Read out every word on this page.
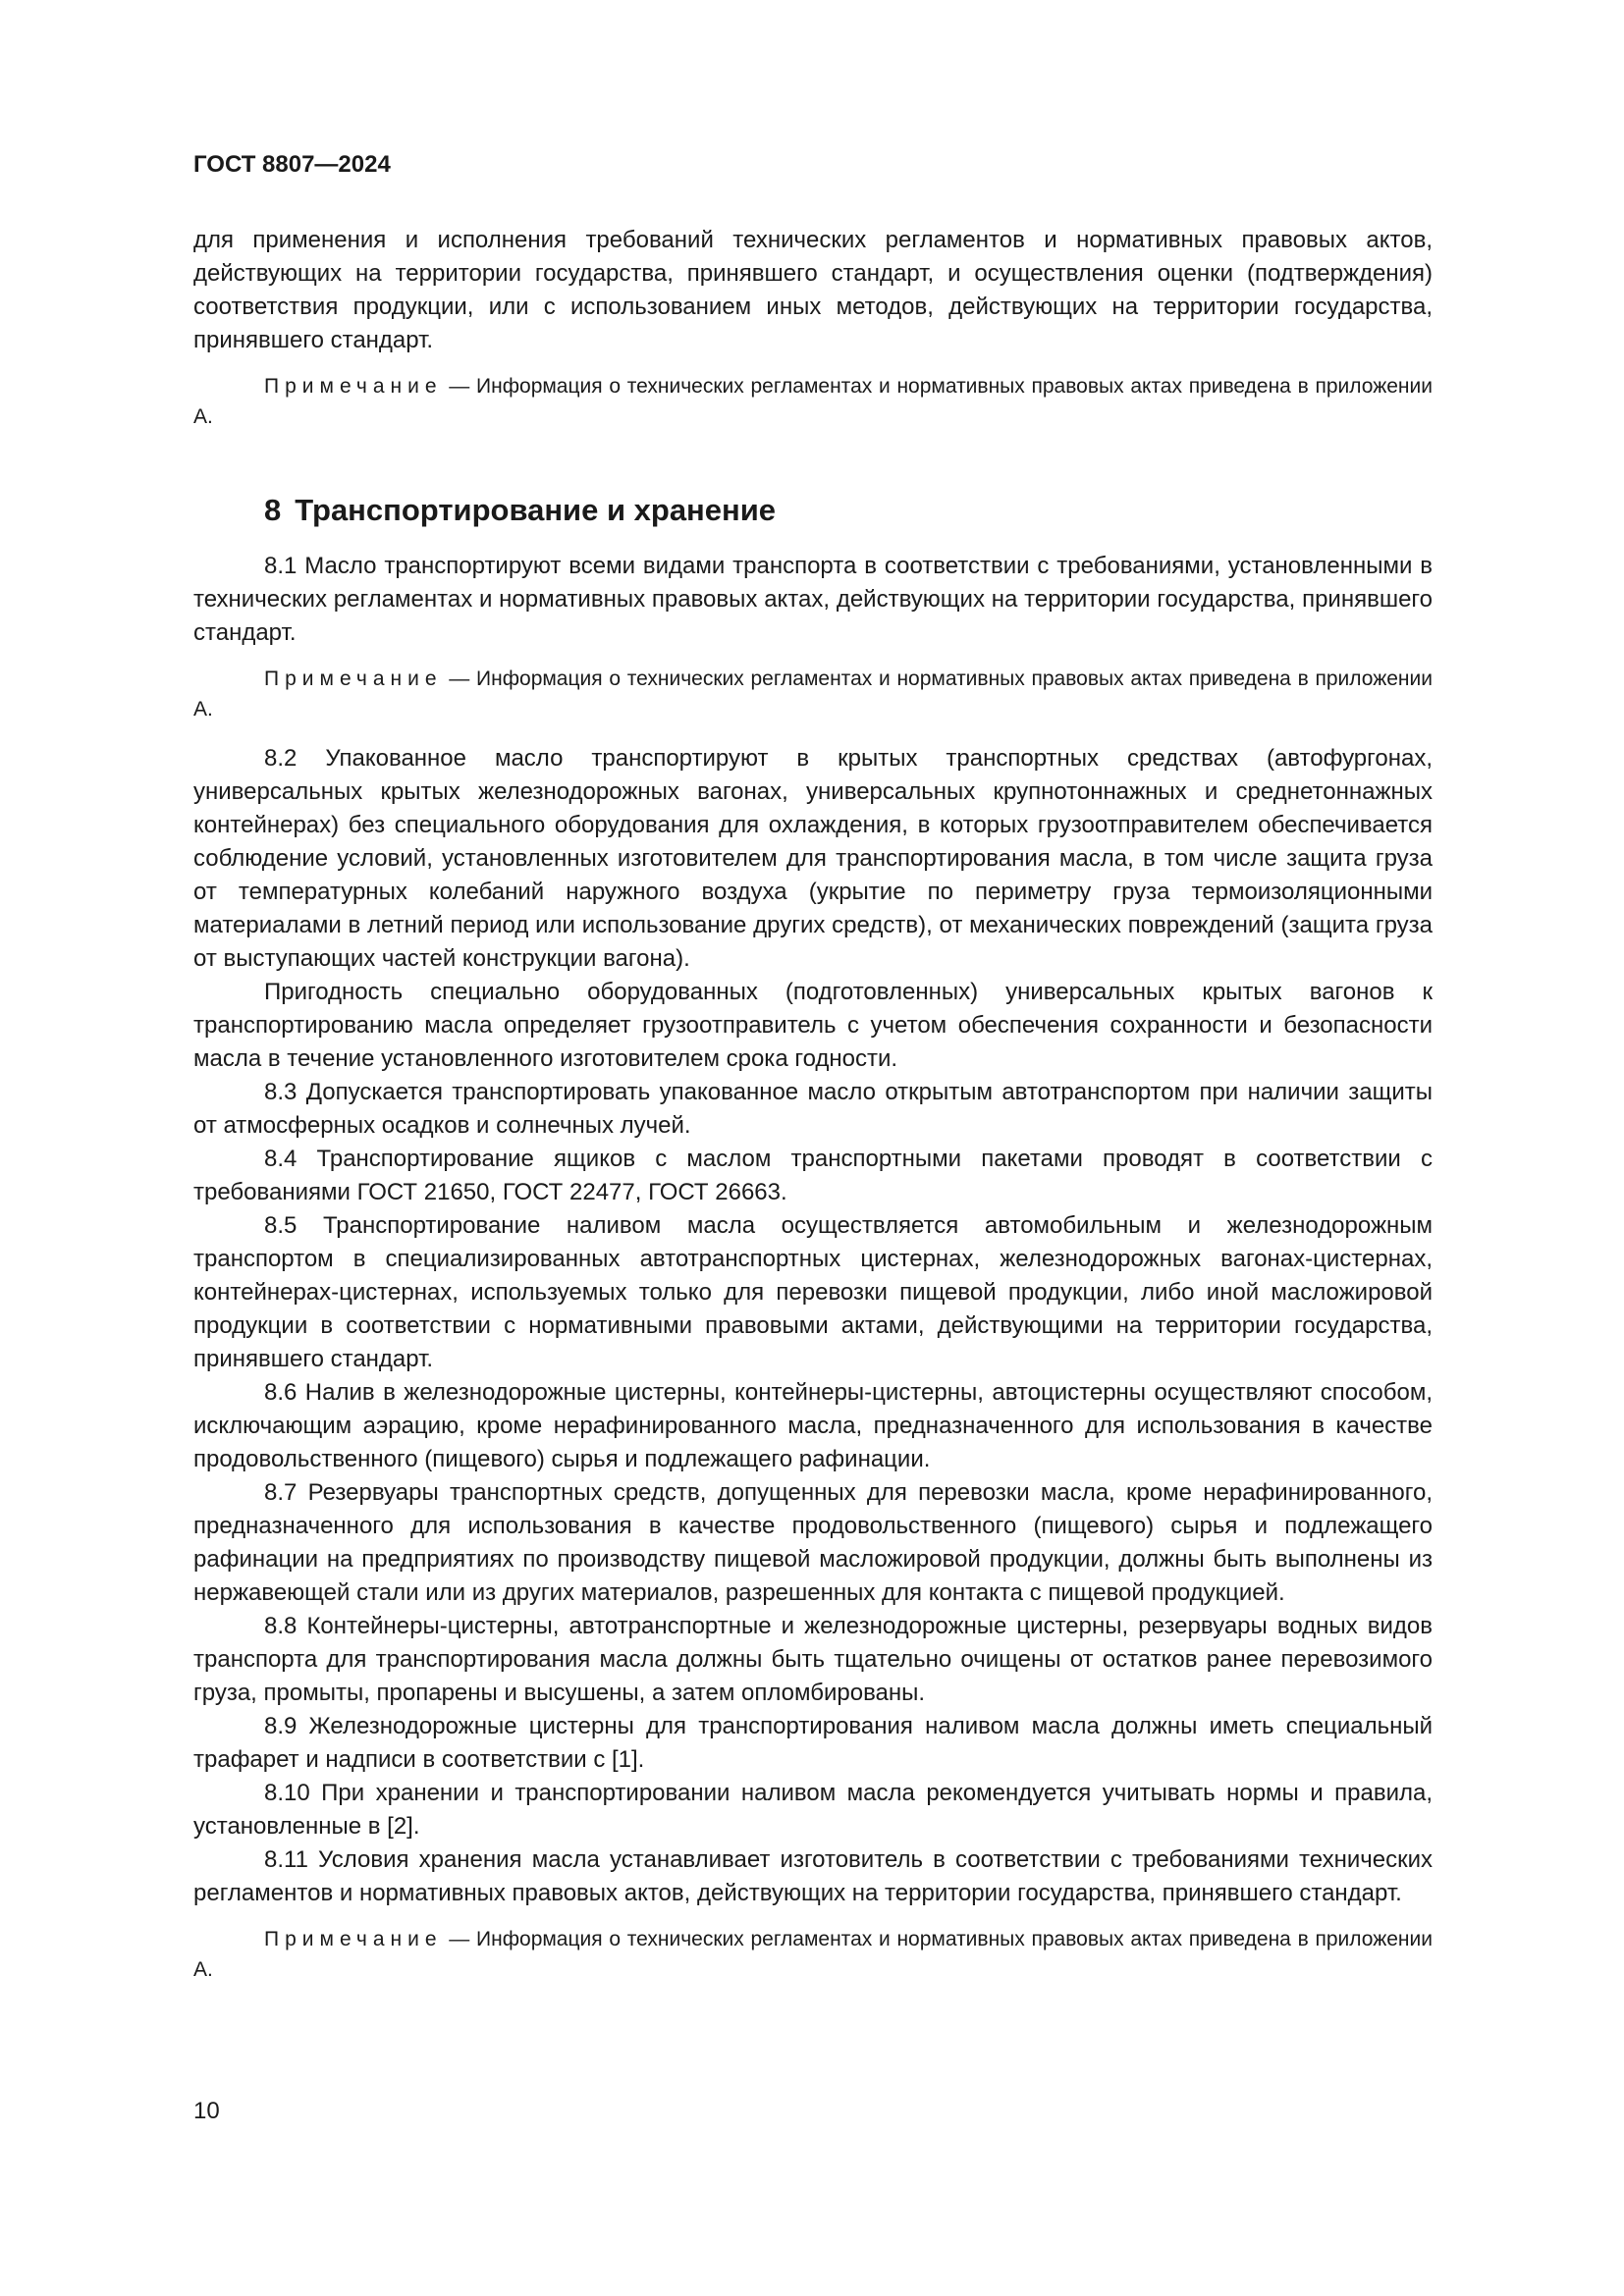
ГОСТ 8807—2024

для применения и исполнения требований технических регламентов и нормативных правовых актов, действующих на территории государства, принявшего стандарт, и осуществления оценки (подтверждения) соответствия продукции, или с использованием иных методов, действующих на территории государства, принявшего стандарт.

Примечание — Информация о технических регламентах и нормативных правовых актах приведена в приложении А.

8 Транспортирование и хранение

8.1 Масло транспортируют всеми видами транспорта в соответствии с требованиями, установленными в технических регламентах и нормативных правовых актах, действующих на территории государства, принявшего стандарт.

Примечание — Информация о технических регламентах и нормативных правовых актах приведена в приложении А.

8.2 Упакованное масло транспортируют в крытых транспортных средствах (автофургонах, универсальных крытых железнодорожных вагонах, универсальных крупнотоннажных и среднетоннажных контейнерах) без специального оборудования для охлаждения, в которых грузоотправителем обеспечивается соблюдение условий, установленных изготовителем для транспортирования масла, в том числе защита груза от температурных колебаний наружного воздуха (укрытие по периметру груза термоизоляционными материалами в летний период или использование других средств), от механических повреждений (защита груза от выступающих частей конструкции вагона).

Пригодность специально оборудованных (подготовленных) универсальных крытых вагонов к транспортированию масла определяет грузоотправитель с учетом обеспечения сохранности и безопасности масла в течение установленного изготовителем срока годности.

8.3 Допускается транспортировать упакованное масло открытым автотранспортом при наличии защиты от атмосферных осадков и солнечных лучей.

8.4 Транспортирование ящиков с маслом транспортными пакетами проводят в соответствии с требованиями ГОСТ 21650, ГОСТ 22477, ГОСТ 26663.

8.5 Транспортирование наливом масла осуществляется автомобильным и железнодорожным транспортом в специализированных автотранспортных цистернах, железнодорожных вагонах-цистернах, контейнерах-цистернах, используемых только для перевозки пищевой продукции, либо иной масложировой продукции в соответствии с нормативными правовыми актами, действующими на территории государства, принявшего стандарт.

8.6 Налив в железнодорожные цистерны, контейнеры-цистерны, автоцистерны осуществляют способом, исключающим аэрацию, кроме нерафинированного масла, предназначенного для использования в качестве продовольственного (пищевого) сырья и подлежащего рафинации.

8.7 Резервуары транспортных средств, допущенных для перевозки масла, кроме нерафинированного, предназначенного для использования в качестве продовольственного (пищевого) сырья и подлежащего рафинации на предприятиях по производству пищевой масложировой продукции, должны быть выполнены из нержавеющей стали или из других материалов, разрешенных для контакта с пищевой продукцией.

8.8 Контейнеры-цистерны, автотранспортные и железнодорожные цистерны, резервуары водных видов транспорта для транспортирования масла должны быть тщательно очищены от остатков ранее перевозимого груза, промыты, пропарены и высушены, а затем опломбированы.

8.9 Железнодорожные цистерны для транспортирования наливом масла должны иметь специальный трафарет и надписи в соответствии с [1].

8.10 При хранении и транспортировании наливом масла рекомендуется учитывать нормы и правила, установленные в [2].

8.11 Условия хранения масла устанавливает изготовитель в соответствии с требованиями технических регламентов и нормативных правовых актов, действующих на территории государства, принявшего стандарт.

Примечание — Информация о технических регламентах и нормативных правовых актах приведена в приложении А.

10
